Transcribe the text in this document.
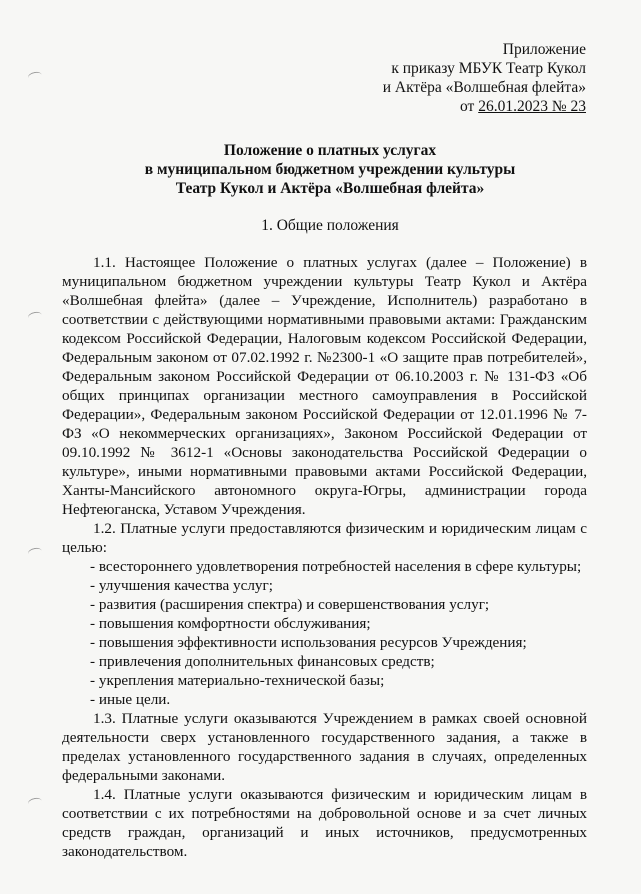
Приложение
к приказу МБУК Театр Кукол
и Актёра «Волшебная флейта»
от 26.01.2023 № 23
Положение о платных услугах
в муниципальном бюджетном учреждении культуры
Театр Кукол и Актёра «Волшебная флейта»
1. Общие положения

1.1. Настоящее Положение о платных услугах (далее – Положение) в муниципальном бюджетном учреждении культуры Театр Кукол и Актёра «Волшебная флейта» (далее – Учреждение, Исполнитель) разработано в соответствии с действующими нормативными правовыми актами: Гражданским кодексом Российской Федерации, Налоговым кодексом Российской Федерации, Федеральным законом от 07.02.1992 г. №2300-1 «О защите прав потребителей», Федеральным законом Российской Федерации от 06.10.2003 г. № 131-ФЗ «Об общих принципах организации местного самоуправления в Российской Федерации», Федеральным законом Российской Федерации от 12.01.1996 № 7-ФЗ «О некоммерческих организациях», Законом Российской Федерации от 09.10.1992 № 3612-1 «Основы законодательства Российской Федерации о культуре», иными нормативными правовыми актами Российской Федерации, Ханты-Мансийского автономного округа-Югры, администрации города Нефтеюганска, Уставом Учреждения.

1.2. Платные услуги предоставляются физическим и юридическим лицам с целью:

- всестороннего удовлетворения потребностей населения в сфере культуры;

- улучшения качества услуг;

- развития (расширения спектра) и совершенствования услуг;

- повышения комфортности обслуживания;

- повышения эффективности использования ресурсов Учреждения;

- привлечения дополнительных финансовых средств;

- укрепления материально-технической базы;

- иные цели.

1.3. Платные услуги оказываются Учреждением в рамках своей основной деятельности сверх установленного государственного задания, а также в пределах установленного государственного задания в случаях, определенных федеральными законами.

1.4. Платные услуги оказываются физическим и юридическим лицам в соответствии с их потребностями на добровольной основе и за счет личных средств граждан, организаций и иных источников, предусмотренных законодательством.
